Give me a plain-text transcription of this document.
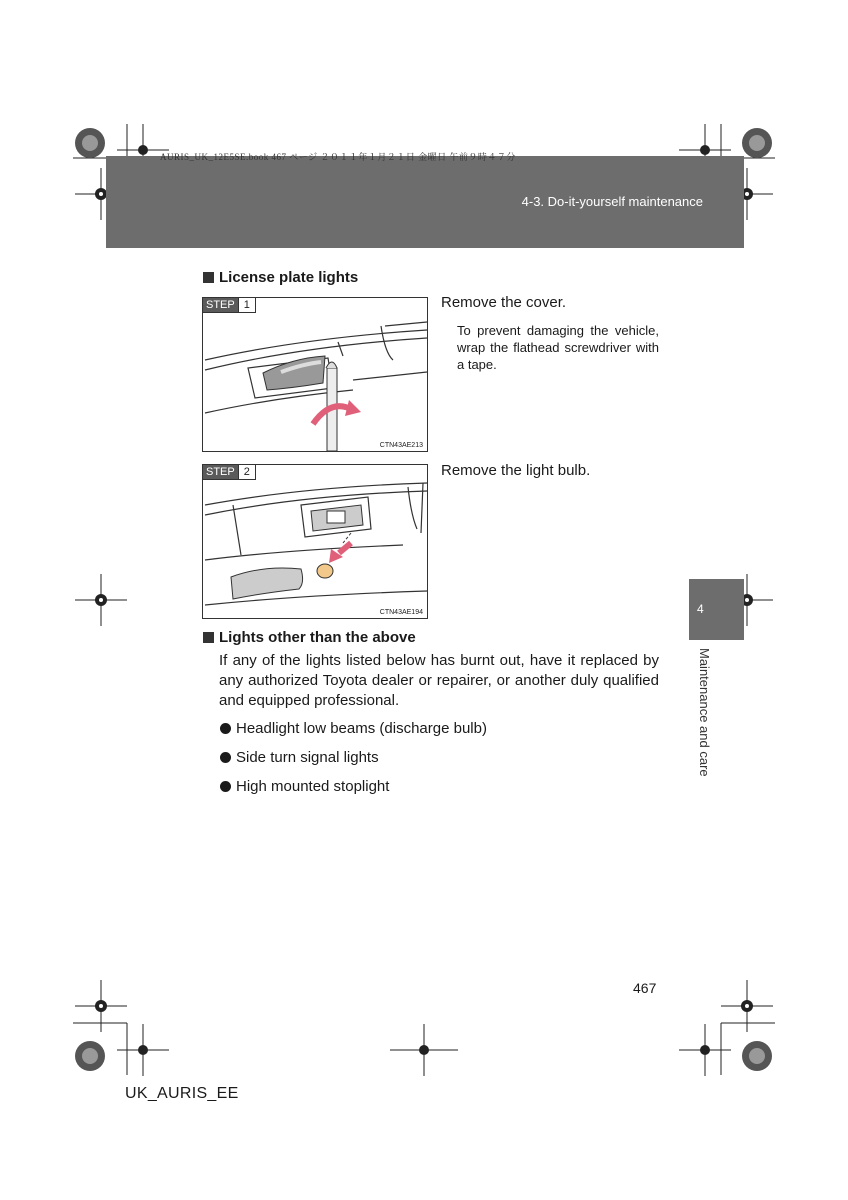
AURIS_UK_12E5SE.book 467 ページ ２０１１年１月２１日 金曜日 午前９時４７分
4-3. Do-it-yourself maintenance
License plate lights
STEP 1
CTN43AE213
Remove the cover.
To prevent damaging the vehicle, wrap the flathead screwdriver with a tape.
STEP 2
CTN43AE194
Remove the light bulb.
Lights other than the above
If any of the lights listed below has burnt out, have it replaced by any authorized Toyota dealer or repairer, or another duly qualified and equipped professional.
Headlight low beams (discharge bulb)
Side turn signal lights
High mounted stoplight
4
Maintenance and care
467
UK_AURIS_EE
